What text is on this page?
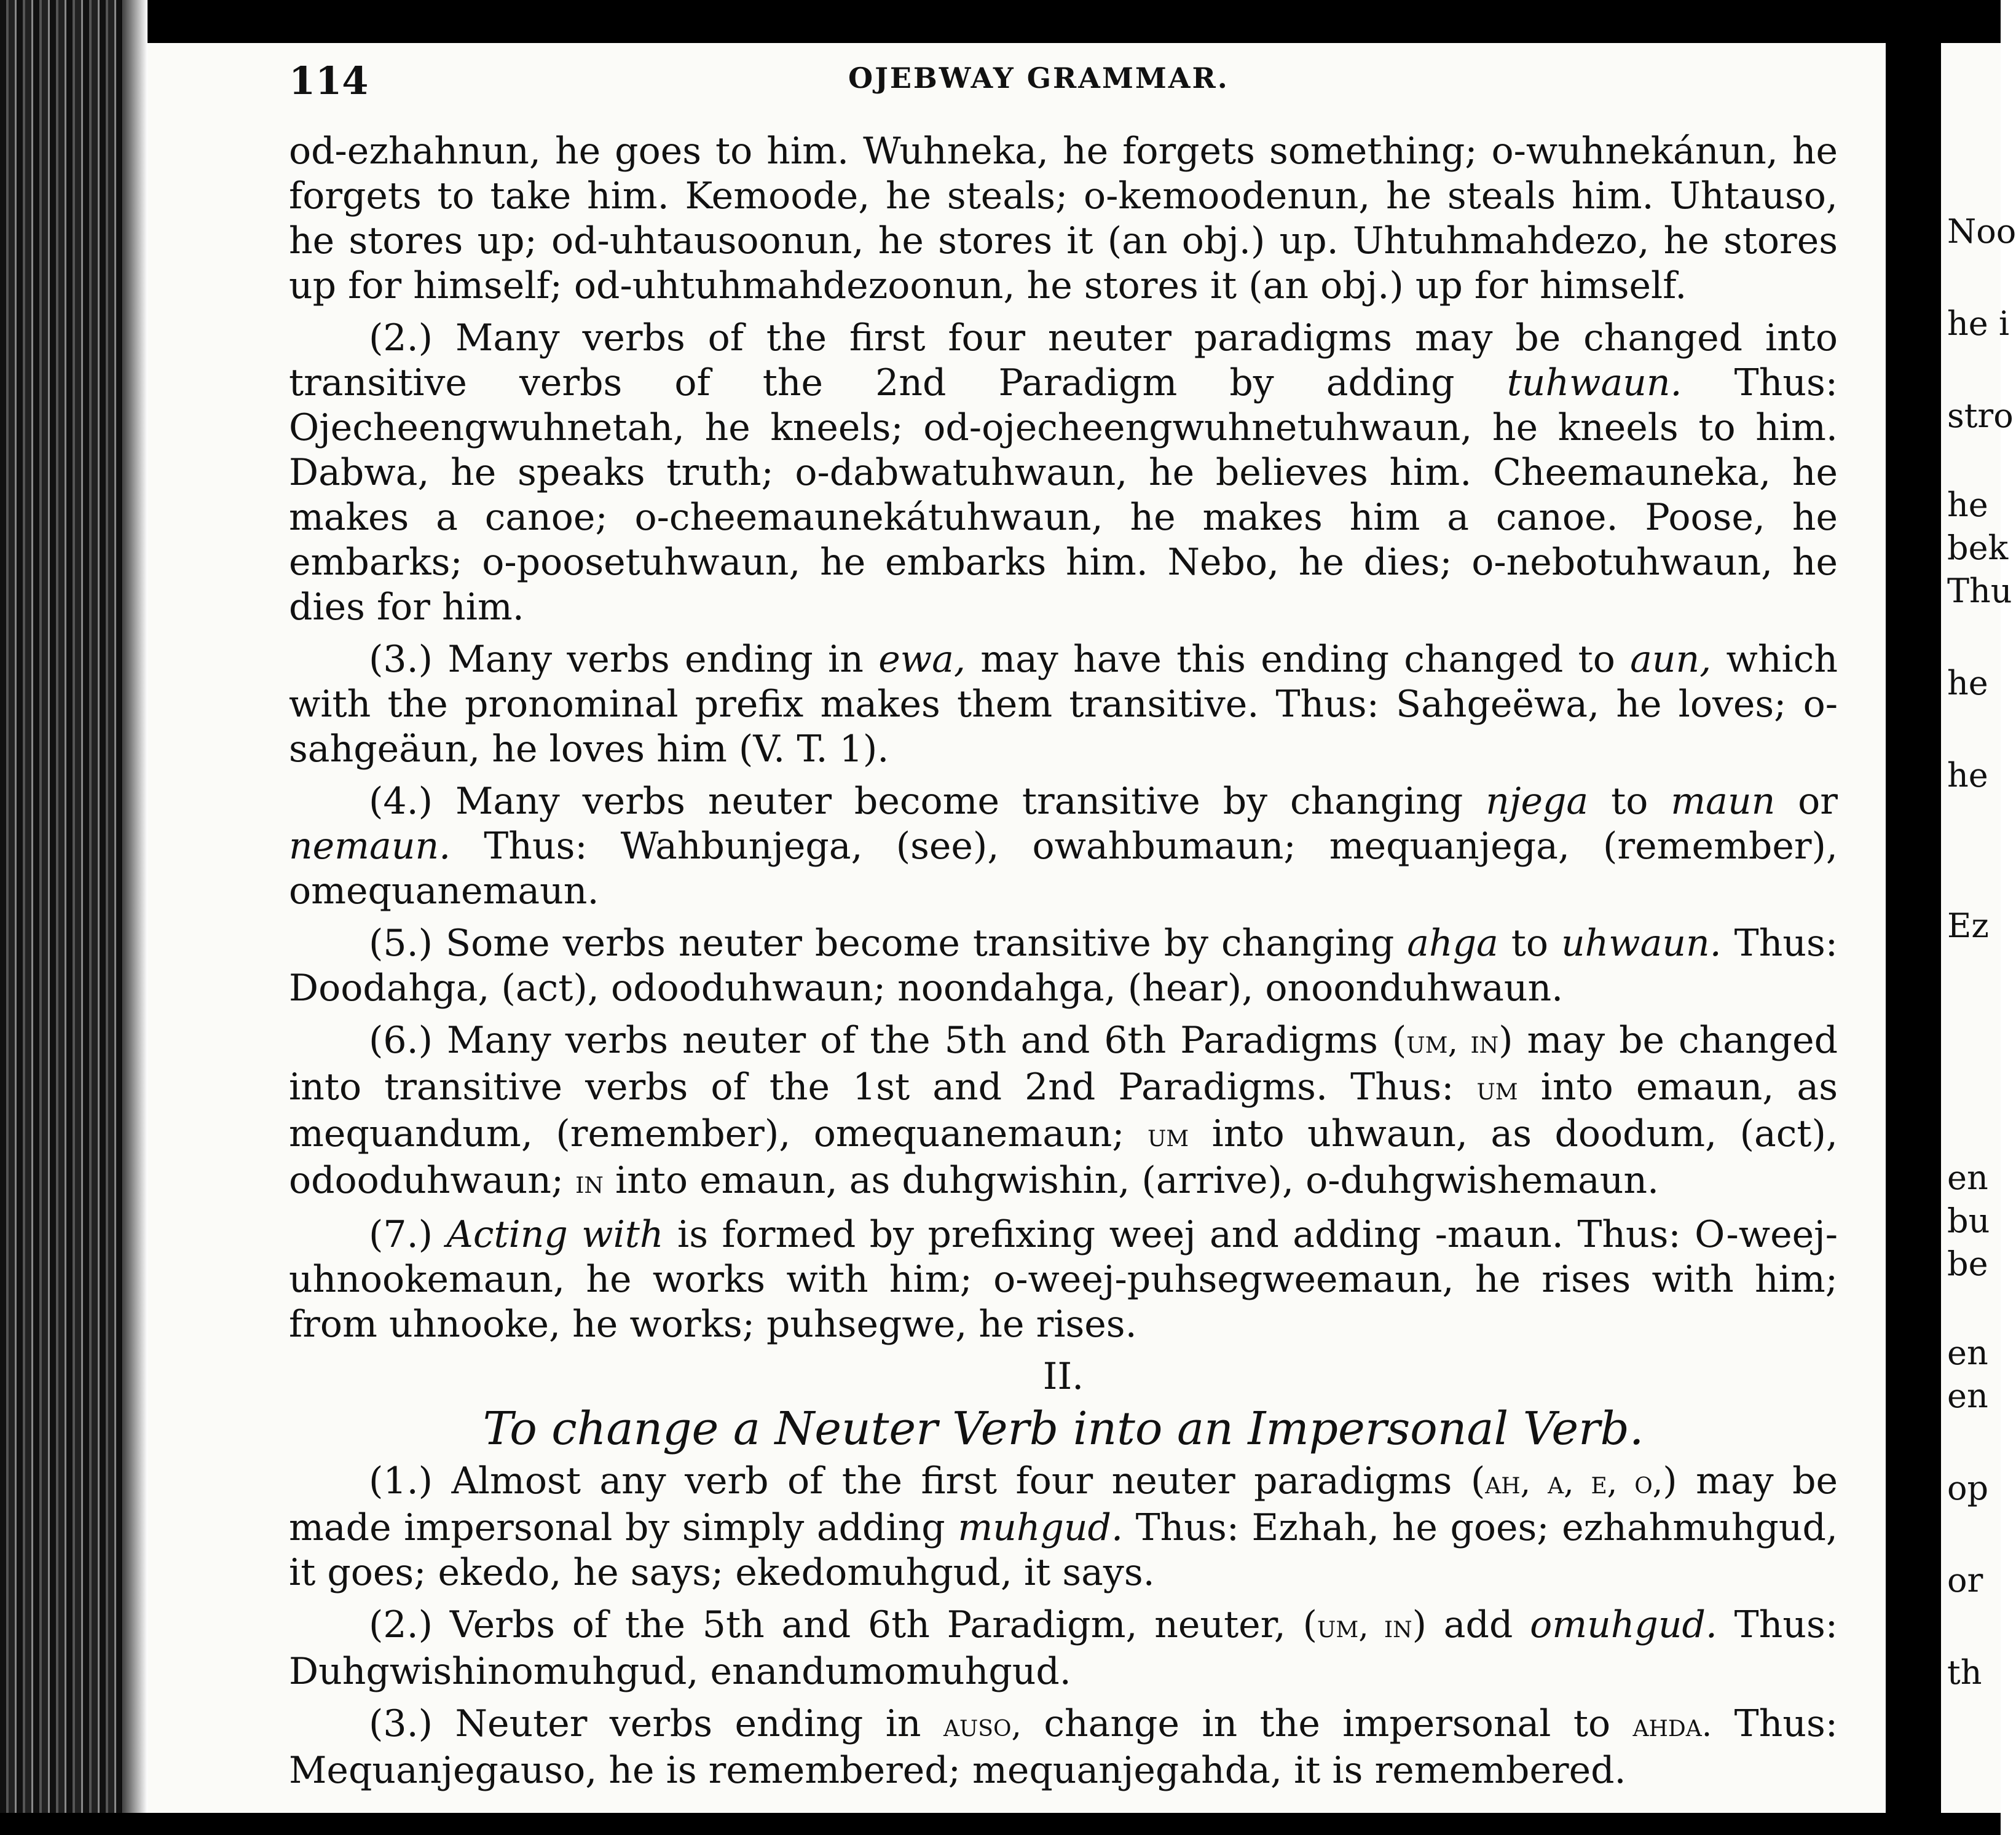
114	OJEBWAY GRAMMAR.

od-ezhahnun, he goes to him. Wuhneka, he forgets something; o-wuhnekánun, he forgets to take him. Kemoode, he steals; o-kemoodenun, he steals him. Uhtauso, he stores up; od-uhtausoonun, he stores it (an obj.) up. Uhtuhmahdezo, he stores up for himself; od-uhtuhmahdezoonun, he stores it (an obj.) up for himself.

(2.) Many verbs of the first four neuter paradigms may be changed into transitive verbs of the 2nd Paradigm by adding tuhwaun. Thus: Ojecheengwuhnetah, he kneels; od-ojecheengwuhnetuhwaun, he kneels to him. Dabwa, he speaks truth; o-dabwatuhwaun, he believes him. Cheemauneka, he makes a canoe; o-cheemaunekátuhwaun, he makes him a canoe. Poose, he embarks; o-poosetuhwaun, he embarks him. Nebo, he dies; o-nebotuhwaun, he dies for him.

(3.) Many verbs ending in ewa, may have this ending changed to aun, which with the pronominal prefix makes them transitive. Thus: Sahgeëwa, he loves; o-sahgeäun, he loves him (V. T. 1).

(4.) Many verbs neuter become transitive by changing njega to maun or nemaun. Thus: Wahbunjega, (see), owahbumaun; mequanjega, (remember), omequanemaun.

(5.) Some verbs neuter become transitive by changing ahga to uhwaun. Thus: Doodahga, (act), odooduhwaun; noondahga, (hear), onoonduhwaun.

(6.) Many verbs neuter of the 5th and 6th Paradigms (um, in) may be changed into transitive verbs of the 1st and 2nd Paradigms. Thus: um into emaun, as mequandum, (remember), omequanemaun; um into uhwaun, as doodum, (act), odooduhwaun; in into emaun, as duhgwishin, (arrive), o-duhgwishemaun.

(7.) Acting with is formed by prefixing weej and adding -maun. Thus: O-weej-uhnookemaun, he works with him; o-weej-puhsegweemaun, he rises with him; from uhnooke, he works; puhsegwe, he rises.

II.

To change a Neuter Verb into an Impersonal Verb.

(1.) Almost any verb of the first four neuter paradigms (ah, a, e, o,) may be made impersonal by simply adding muhgud. Thus: Ezhah, he goes; ezhahmuhgud, it goes; ekedo, he says; ekedomuhgud, it says.

(2.) Verbs of the 5th and 6th Paradigm, neuter, (um, in) add omuhgud. Thus: Duhgwishinomuhgud, enandumomuhgud.

(3.) Neuter verbs ending in auso, change in the impersonal to ahda. Thus: Mequanjegauso, he is remembered; mequanjegahda, it is remembered.

Noo
he i
stro
he
bek
Thu
he
he
Ez
en
bu
be
en
en
op
or
th
